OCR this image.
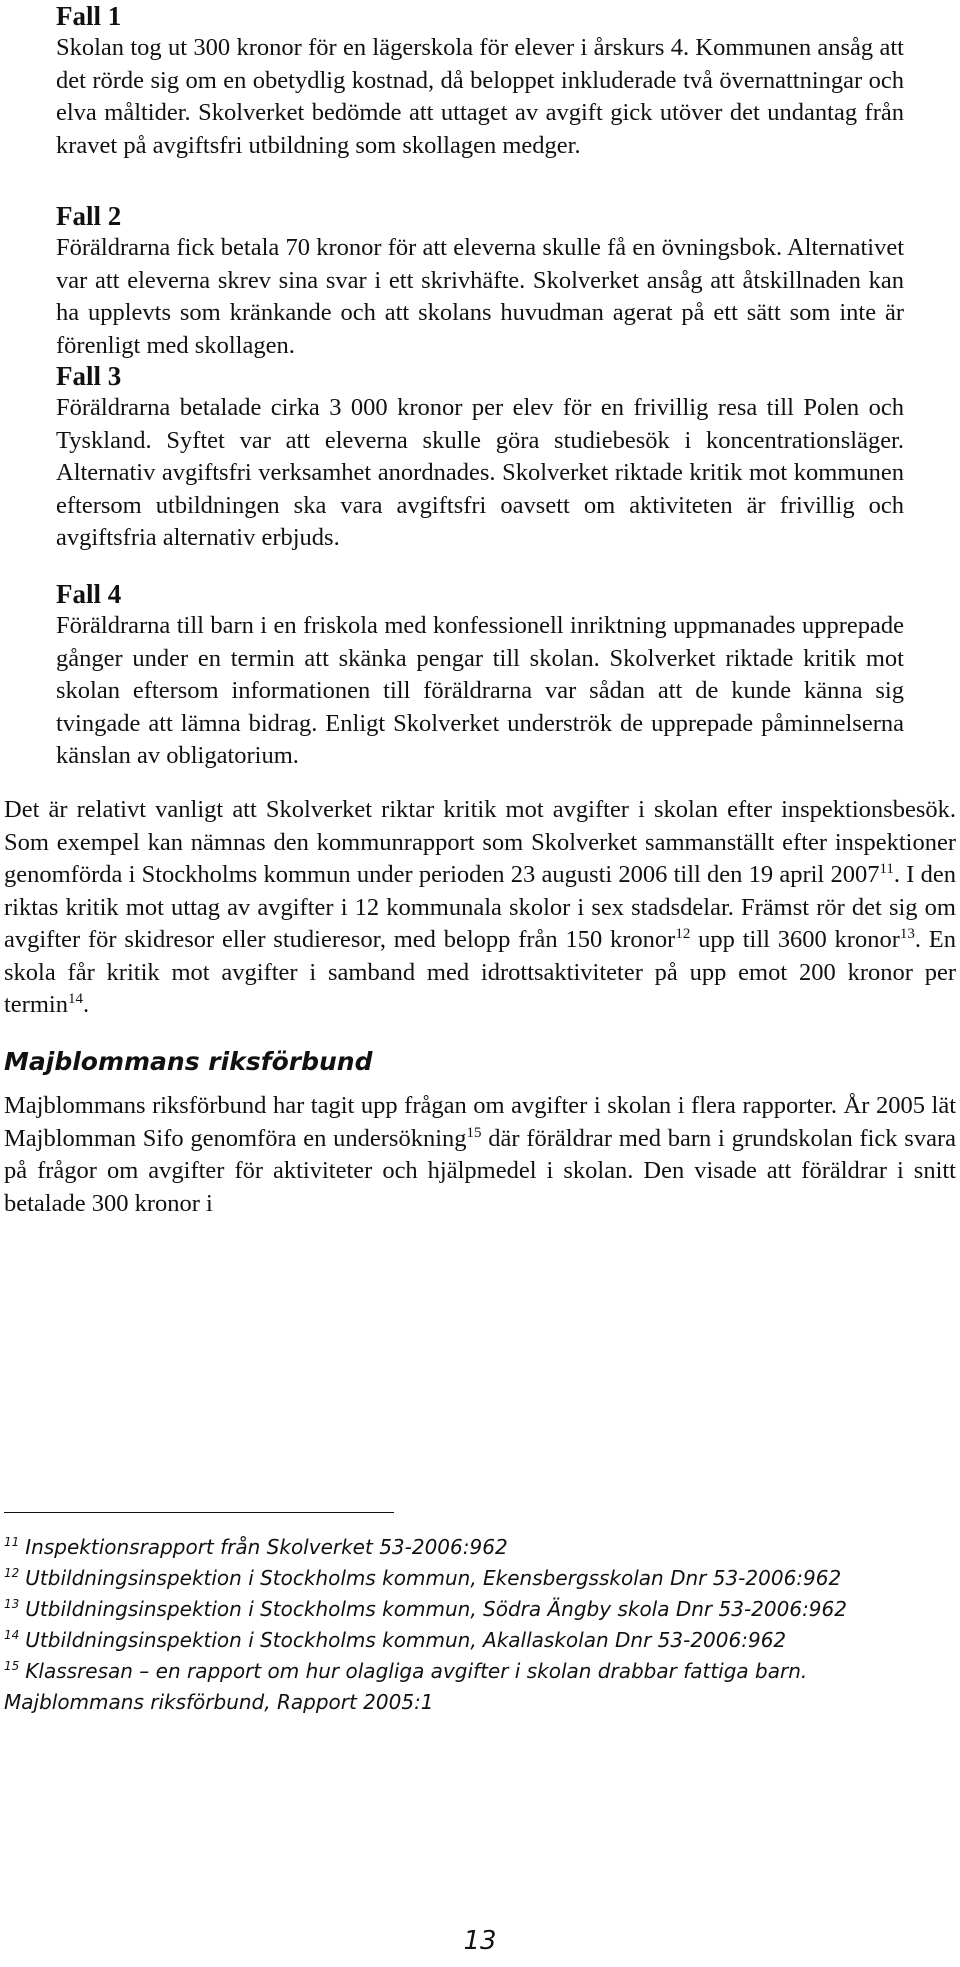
Fall 1

Skolan tog ut 300 kronor för en lägerskola för elever i årskurs 4. Kommunen ansåg att det rörde sig om en obetydlig kostnad, då beloppet inkluderade två övernattningar och elva måltider. Skolverket bedömde att uttaget av avgift gick utöver det undantag från kravet på avgiftsfri utbildning som skollagen medger.

Fall 2

Föräldrarna fick betala 70 kronor för att eleverna skulle få en övningsbok. Alternativet var att eleverna skrev sina svar i ett skrivhäfte. Skolverket ansåg att åtskillnaden kan ha upplevts som kränkande och att skolans huvudman agerat på ett sätt som inte är förenligt med skollagen.

Fall 3

Föräldrarna betalade cirka 3 000 kronor per elev för en frivillig resa till Polen och Tyskland. Syftet var att eleverna skulle göra studiebesök i koncentrationsläger. Alternativ avgiftsfri verksamhet anordnades. Skolverket riktade kritik mot kommunen eftersom utbildningen ska vara avgiftsfri oavsett om aktiviteten är frivillig och avgiftsfria alternativ erbjuds.

Fall 4

Föräldrarna till barn i en friskola med konfessionell inriktning uppmanades upprepade gånger under en termin att skänka pengar till skolan. Skolverket riktade kritik mot skolan eftersom informationen till föräldrarna var sådan att de kunde känna sig tvingade att lämna bidrag. Enligt Skolverket underströk de upprepade påminnelserna känslan av obligatorium.

Det är relativt vanligt att Skolverket riktar kritik mot avgifter i skolan efter inspektionsbesök. Som exempel kan nämnas den kommunrapport som Skolverket sammanställt efter inspektioner genomförda i Stockholms kommun under perioden 23 augusti 2006 till den 19 april 2007$^{11}$. I den riktas kritik mot uttag av avgifter i 12 kommunala skolor i sex stadsdelar. Främst rör det sig om avgifter för skidresor eller studieresor, med belopp från 150 kronor$^{12}$ upp till 3600 kronor$^{13}$. En skola får kritik mot avgifter i samband med idrottsaktiviteter på upp emot 200 kronor per termin$^{14}$.

Majblommans riksförbund

Majblommans riksförbund har tagit upp frågan om avgifter i skolan i flera rapporter. År 2005 lät Majblomman Sifo genomföra en undersökning$^{15}$ där föräldrar med barn i grundskolan fick svara på frågor om avgifter för aktiviteter och hjälpmedel i skolan. Den visade att föräldrar i snitt betalade 300 kronor i

$^{11}$ Inspektionsrapport från Skolverket 53-2006:962

$^{12}$ Utbildningsinspektion i Stockholms kommun, Ekensbergsskolan Dnr 53-2006:962

$^{13}$ Utbildningsinspektion i Stockholms kommun, Södra Ängby skola Dnr 53-2006:962

$^{14}$ Utbildningsinspektion i Stockholms kommun, Akallaskolan Dnr 53-2006:962

$^{15}$ Klassresan – en rapport om hur olagliga avgifter i skolan drabbar fattiga barn.

Majblommans riksförbund, Rapport 2005:1

13
